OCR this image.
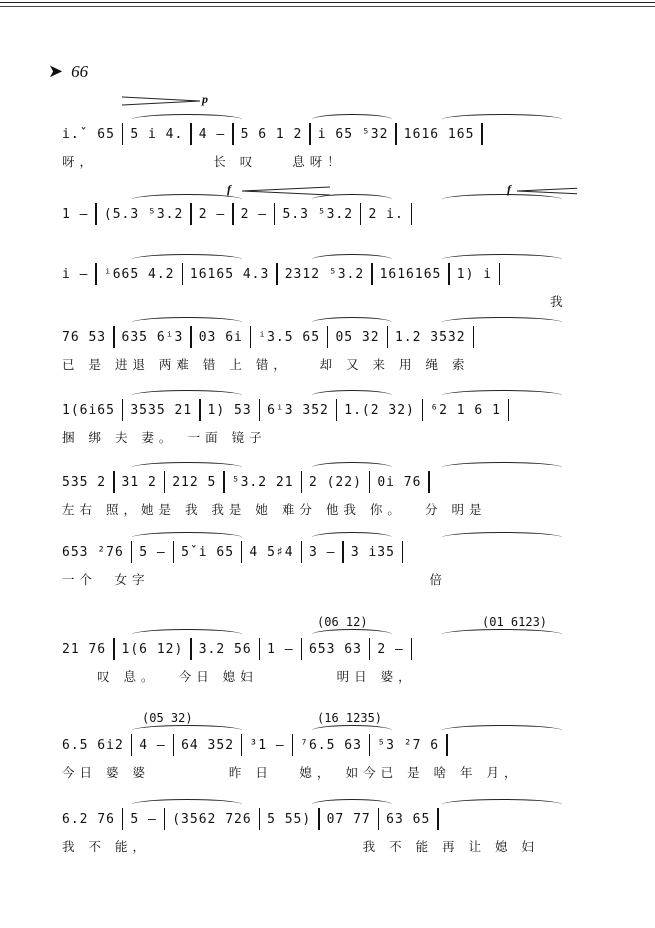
➤ 66
i.ˇ 65 5 i 4. 4 – 5 6 1 2 i 65 ⁵32 1616 165
p
呀，　　　　　　　长 叹　　息呀！
1 – (5.3 ⁵3.2 2 – 2 – 5.3 ⁵3.2 2 i.
f	f
i – ⁱ665 4.2 16165 4.3 2312 ⁵3.2 1616165 1) i
我
76 53 635 6ⁱ3 03 6i ⁱ3.5 65 05 32 1.2 3532
已 是 进退 两难 错 上 错，　　却 又 来 用 绳 索
1(6i65 3535 21 1) 53 6ⁱ3 352 1.(2 32) ⁶2 1 6 1
捆 绑 夫 妻。　一面 镜子
535 2 31 2 212 5 ⁵3.2 21 2 (22) 0i 76
左右 照，她是 我 我是 她 难分 他我 你。　 分 明是
653 ²76 5 – 5ˇi 65 4 5♯4 3 – 3 i35
一个　女字　　　　　　　　　　　　　　　　倍
(06 12)	(01 6123)
21 76 1(6 12) 3.2 56 1 – 653 63 2 –
　　叹 息。　 今日 媳妇　　　　 明日 婆，
(05 32)	(16 1235)
6.5 6i2 4 – 64 352 ³1 – ⁷6.5 63 ⁵3 ²7 6
今日 婆 婆　　　　 昨 日　 媳，　如今已 是 啥 年 月，
6.2 76 5 – (3562 726 5 55) 07 77 63 65
我 不 能，　　　　　　　　　　　　 我 不 能 再 让 媳 妇
